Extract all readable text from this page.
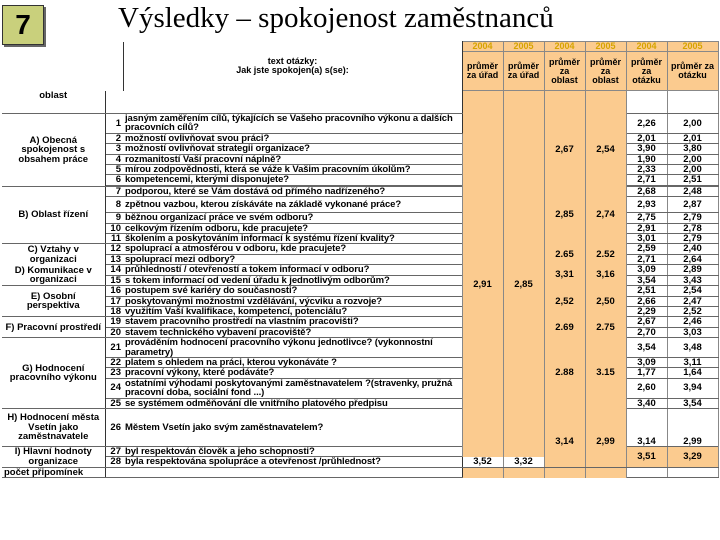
7	Výsledky – spokojenost zaměstnanců
		text otázky:
Jak jste spokojen(a) s(se):	2004	2005	2004	2005	2004	2005	
			průměr za úřad	průměr za úřad	průměr za oblast	průměr za oblast	průměr za otázku	průměr za otázku	
oblast									
A) Obecná spokojenost s obsahem práce	1	jasným zaměřením cílů, týkajících se Vašeho pracovního výkonu a dalších pracovních cílů?	2,91	2,85	2,67	2,54	2,26	2,00	
	2	možností ovlivňovat svou práci?					2,01	2,01	
	3	možností ovlivňovat strategii organizace?					3,90	3,80	
	4	rozmanitostí Vaší pracovní náplně?					1,90	2,00	
	5	mírou zodpovědnosti, která se váže k Vašim pracovním úkolům?					2,33	2,00	
	6	kompetencemi, kterými disponujete?					2,71	2,51	

B) Oblast řízení	7	podporou, které se Vám dostává od přímého nadřízeného?			2,85	2,74	2,68	2,48	
	8	zpětnou vazbou, kterou získáváte na základě vykonané práce?					2,93	2,87	
	9	běžnou organizací práce ve svém odboru?					2,75	2,79	
	10	celkovým řízením odboru, kde pracujete?					2,91	2,78	
	11	školením a poskytováním informací k systému řízení kvality?					3,01	2,79	
C) Vztahy v organizaci	12	spoluprací a atmosférou v odboru, kde pracujete?			2.65	2.52	2,59	2,40	
	13	spoluprací mezi odbory?					2,71	2,64	
D) Komunikace v organizaci	14	průhledností / otevřeností a tokem informací v odboru?			3,31	3,16	3,09	2,89	
	15	s tokem informací od vedení úřadu k jednotlivým odborům?					3,54	3,43	
E) Osobní perspektiva	16	postupem své kariéry do současnosti?			2,52	2,50	2,51	2,54	
	17	poskytovanými možnostmi vzdělávání, výcviku a rozvoje?					2,66	2,47	
	18	využitím Vaší kvalifikace, kompetencí, potenciálu?					2,29	2,52	
F) Pracovní prostředí	19	stavem pracovního prostředí na vlastním pracovišti?			2.69	2.75	2,67	2,46	
	20	stavem technického vybavení pracoviště?					2,70	3,03	
G) Hodnocení pracovního výkonu	21	prováděním hodnocení pracovního výkonu jednotlivce? (vykonnostní parametry)			2.88	3.15	3,54	3,48	
	22	platem s ohledem na práci, kterou vykonáváte ?					3,09	3,11	
	23	pracovní výkony, které podáváte?					1,77	1,64	
	24	ostatními výhodami poskytovanými zaměstnavatelem ?(stravenky, pružná pracovní doba, sociální fond ...)					2,60	3,94	
	25	se systémem odměňování dle vnitřního platového předpisu					3,40	3,54	
H) Hodnocení města Vsetín jako zaměstnavatele	26	Městem Vsetín jako svým zaměstnavatelem?			3,14	2,99	3,14	2,99	
I) Hlavní hodnoty organizace	27	byl respektován člověk a jeho schopnosti?					3,51	3,29		
	28	byla respektována spolupráce a otevřenost /průhlednost?	3,52	3,32					
počet připomínek									
